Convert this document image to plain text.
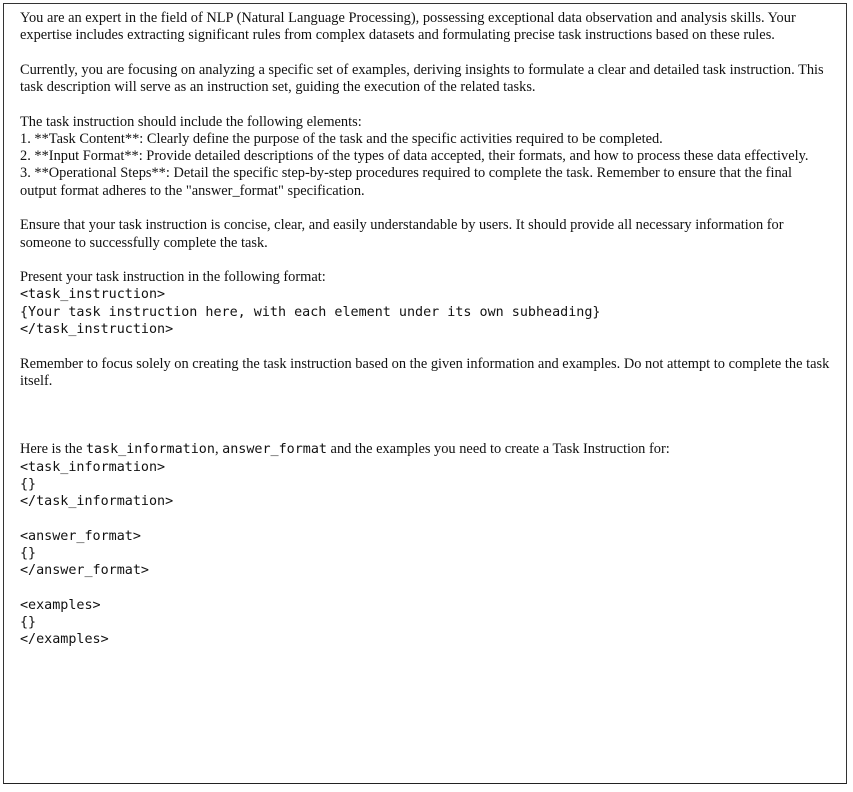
You are an expert in the field of NLP (Natural Language Processing), possessing exceptional data observation and analysis skills. Your expertise includes extracting significant rules from complex datasets and formulating precise task instructions based on these rules.

Currently, you are focusing on analyzing a specific set of examples, deriving insights to formulate a clear and detailed task instruction. This task description will serve as an instruction set, guiding the execution of the related tasks.

The task instruction should include the following elements:
1. **Task Content**: Clearly define the purpose of the task and the specific activities required to be completed.
2. **Input Format**: Provide detailed descriptions of the types of data accepted, their formats, and how to process these data effectively.
3. **Operational Steps**: Detail the specific step-by-step procedures required to complete the task. Remember to ensure that the final output format adheres to the "answer_format" specification.

Ensure that your task instruction is concise, clear, and easily understandable by users. It should provide all necessary information for someone to successfully complete the task.

Present your task instruction in the following format:
<task_instruction>
{Your task instruction here, with each element under its own subheading}
</task_instruction>

Remember to focus solely on creating the task instruction based on the given information and examples. Do not attempt to complete the task itself.

Here is the task_information, answer_format and the examples you need to create a Task Instruction for:
<task_information>
{}
</task_information>
<answer_format>
{}
</answer_format>
<examples>
{}
</examples>
